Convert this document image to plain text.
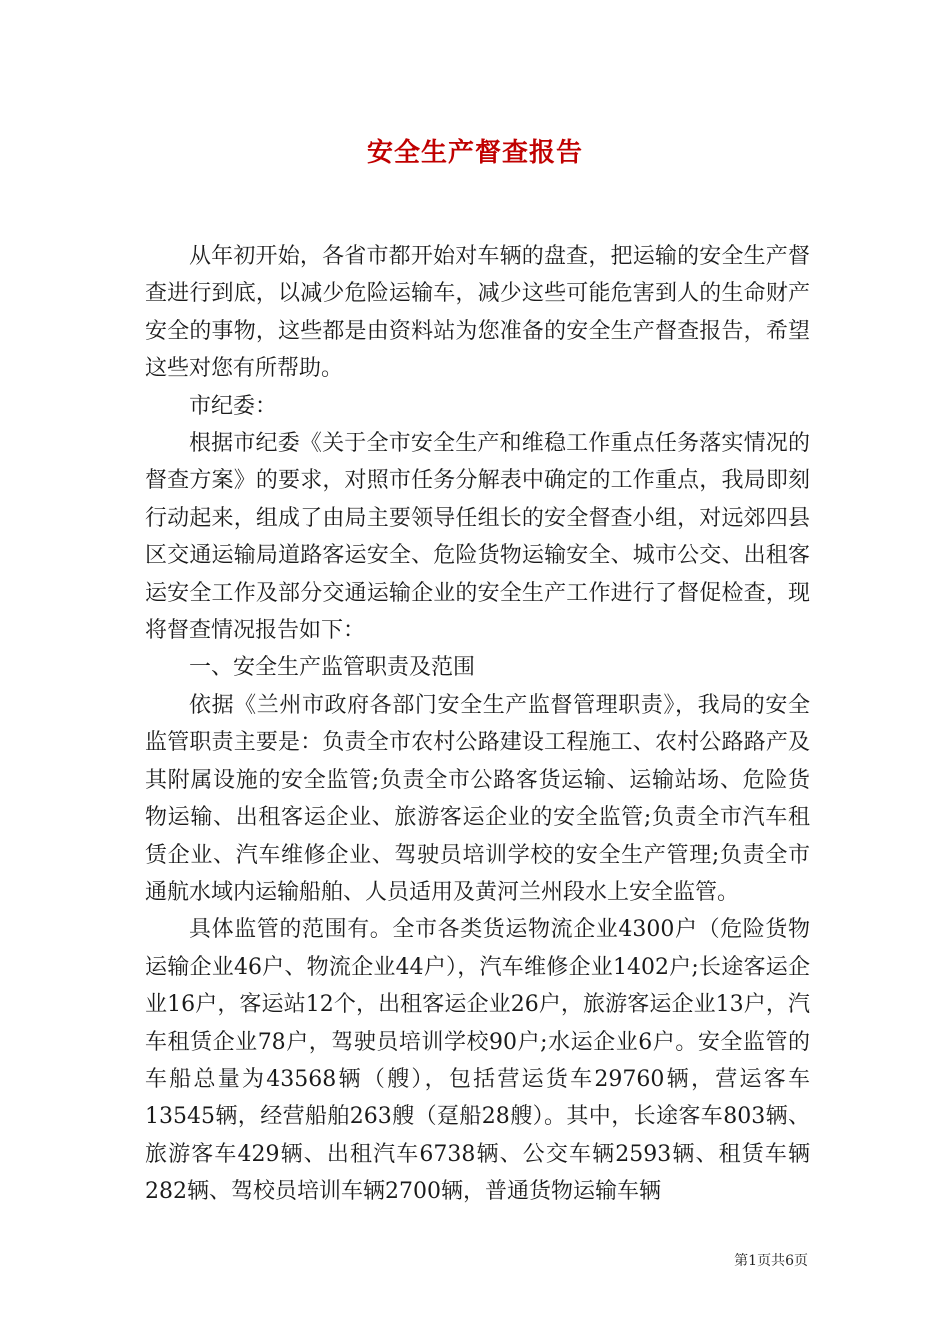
安全生产督查报告

从年初开始，各省市都开始对车辆的盘查，把运输的安全生产督查进行到底，以减少危险运输车，减少这些可能危害到人的生命财产安全的事物，这些都是由资料站为您准备的安全生产督查报告，希望这些对您有所帮助。

市纪委：

根据市纪委《关于全市安全生产和维稳工作重点任务落实情况的督查方案》的要求，对照市任务分解表中确定的工作重点，我局即刻行动起来，组成了由局主要领导任组长的安全督查小组，对远郊四县区交通运输局道路客运安全、危险货物运输安全、城市公交、出租客运安全工作及部分交通运输企业的安全生产工作进行了督促检查，现将督查情况报告如下：

一、安全生产监管职责及范围

依据《兰州市政府各部门安全生产监督管理职责》，我局的安全监管职责主要是：负责全市农村公路建设工程施工、农村公路路产及其附属设施的安全监管;负责全市公路客货运输、运输站场、危险货物运输、出租客运企业、旅游客运企业的安全监管;负责全市汽车租赁企业、汽车维修企业、驾驶员培训学校的安全生产管理;负责全市通航水域内运输船舶、人员适用及黄河兰州段水上安全监管。

具体监管的范围有。全市各类货运物流企业4300户（危险货物运输企业46户、物流企业44户），汽车维修企业1402户;长途客运企业16户，客运站12个，出租客运企业26户，旅游客运企业13户，汽车租赁企业78户，驾驶员培训学校90户;水运企业6户。安全监管的车船总量为43568辆（艘），包括营运货车29760辆，营运客车13545辆，经营船舶263艘（趸船28艘）。其中，长途客车803辆、旅游客车429辆、出租汽车6738辆、公交车辆2593辆、租赁车辆282辆、驾校员培训车辆2700辆，普通货物运输车辆

第1页共6页
